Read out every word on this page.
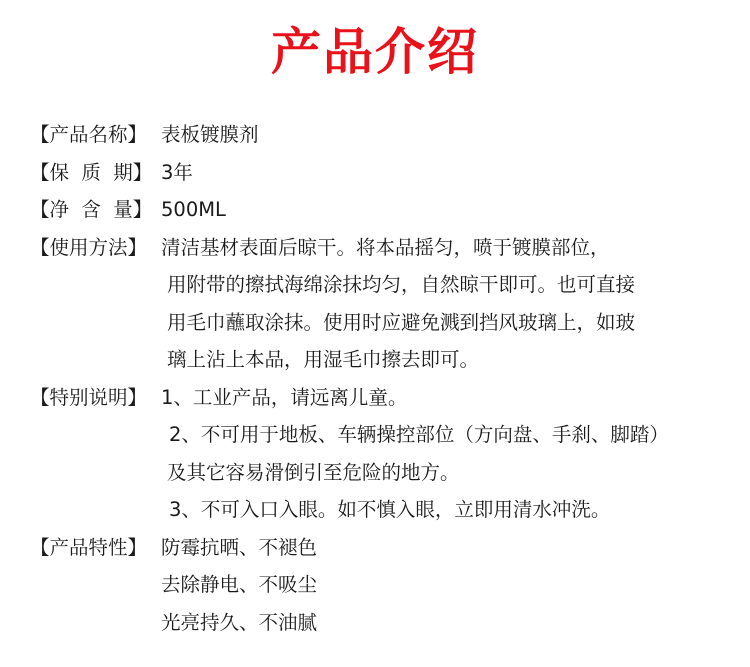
产品介绍
【产品名称】 表板镀膜剂
【保  质  期】 3年
【净  含  量】 500ML
【使用方法】 清洁基材表面后晾干。将本品摇匀，喷于镀膜部位，
用附带的擦拭海绵涂抹均匀，自然晾干即可。也可直接
用毛巾蘸取涂抹。使用时应避免溅到挡风玻璃上，如玻
璃上沾上本品，用湿毛巾擦去即可。
【特别说明】 1、工业产品，请远离儿童。
2、不可用于地板、车辆操控部位（方向盘、手刹、脚踏）
及其它容易滑倒引至危险的地方。
3、不可入口入眼。如不慎入眼，立即用清水冲洗。
【产品特性】 防霉抗晒、不褪色
去除静电、不吸尘
光亮持久、不油腻
